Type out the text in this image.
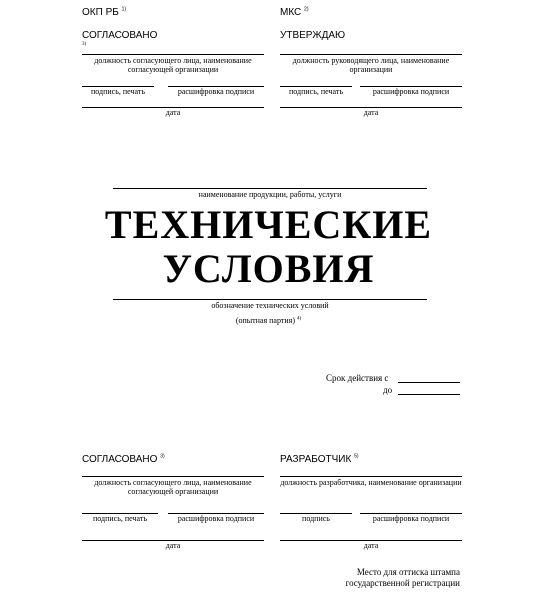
ОКП РБ $^{1)}$
СОГЛАСОВАНО
3)
должность согласующего лица, наименование согласующей организации
подпись, печать	расшифровка подписи
дата
МКС $^{2)}$
УТВЕРЖДАЮ
должность руководящего лица, наименование организации
подпись, печать	расшифровка подписи
дата
наименование продукции, работы, услуги
ТЕХНИЧЕСКИЕ
УСЛОВИЯ
обозначение технических условий
(опытная партия) $^{4)}$
Срок действия с
до
СОГЛАСОВАНО $^{3)}$
должность согласующего лица, наименование согласующей организации
подпись, печать	расшифровка подписи
дата
РАЗРАБОТЧИК $^{5)}$
должность разработчика, наименование организации
подпись	расшифровка подписи
дата
Место для оттиска штампа
государственной регистрации
